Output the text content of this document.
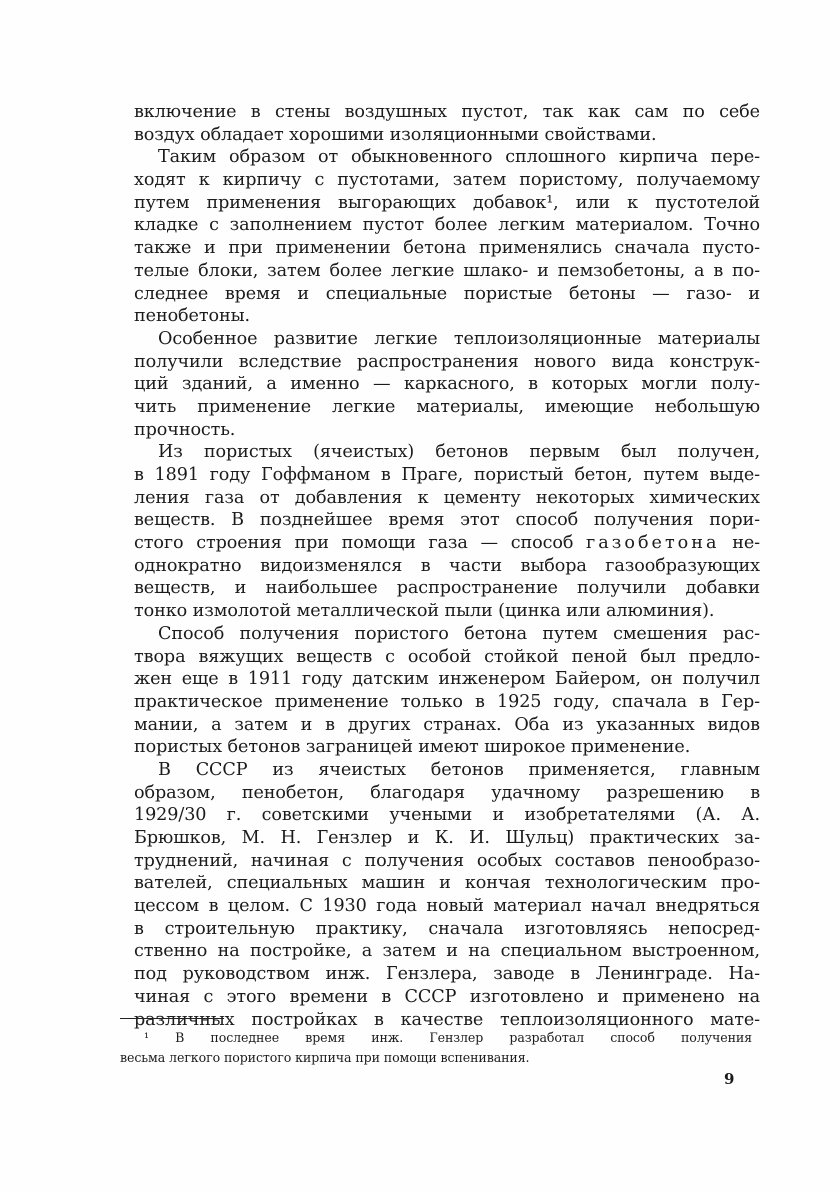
включение в стены воздушных пустот, так как сам по себе
воздух обладает хорошими изоляционными свойствами.
Таким образом от обыкновенного сплошного кирпича пере-
ходят к кирпичу с пустотами, затем пористому, получаемому
путем применения выгорающих добавок¹, или к пустотелой
кладке с заполнением пустот более легким материалом. Точно
также и при применении бетона применялись сначала пусто-
телые блоки, затем более легкие шлако- и пемзобетоны, а в по-
следнее время и специальные пористые бетоны — газо- и
пенобетоны.
Особенное развитие легкие теплоизоляционные материалы
получили вследствие распространения нового вида конструк-
ций зданий, а именно — каркасного, в которых могли полу-
чить применение легкие материалы, имеющие небольшую
прочность.
Из пористых (ячеистых) бетонов первым был получен,
в 1891 году Гоффманом в Праге, пористый бетон, путем выде-
ления газа от добавления к цементу некоторых химических
веществ. В позднейшее время этот способ получения пори-
стого строения при помощи газа — способ газобетона не-
однократно видоизменялся в части выбора газообразующих
веществ, и наибольшее распространение получили добавки
тонко измолотой металлической пыли (цинка или алюминия).
Способ получения пористого бетона путем смешения рас-
твора вяжущих веществ с особой стойкой пеной был предло-
жен еще в 1911 году датским инженером Байером, он получил
практическое применение только в 1925 году, спачала в Гер-
мании, а затем и в других странах. Оба из указанных видов
пористых бетонов заграницей имеют широкое применение.
В СССР из ячеистых бетонов применяется, главным
образом, пенобетон, благодаря удачному разрешению в
1929/30 г. советскими учеными и изобретателями (А. А.
Брюшков, М. Н. Гензлер и К. И. Шульц) практических за-
труднений, начиная с получения особых составов пенообразо-
вателей, специальных машин и кончая технологическим про-
цессом в целом. С 1930 года новый материал начал внедряться
в строительную практику, сначала изготовляясь непосред-
ственно на постройке, а затем и на специальном выстроенном,
под руководством инж. Гензлера, заводе в Ленинграде. На-
чиная с этого времени в СССР изготовлено и применено на
различных постройках в качестве теплоизоляционного мате-
¹ В последнее время инж. Гензлер разработал способ получения
весьма легкого пористого кирпича при помощи вспенивания.
9
